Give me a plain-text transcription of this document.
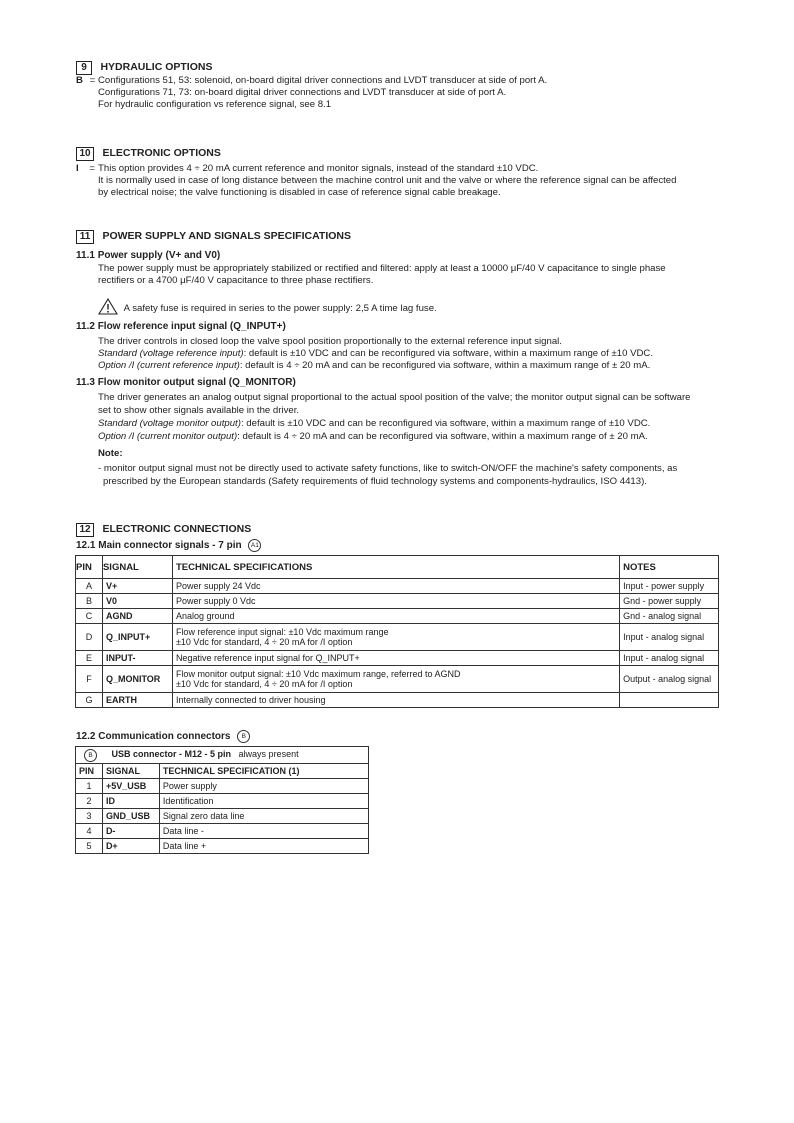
9 HYDRAULIC OPTIONS
B = Configurations 51, 53: solenoid, on-board digital driver connections and LVDT transducer at side of port A.
Configurations 71, 73: on-board digital driver connections and LVDT transducer at side of port A.
For hydraulic configuration vs reference signal, see 8.1
10 ELECTRONIC OPTIONS
I = This option provides 4 ÷ 20 mA current reference and monitor signals, instead of the standard ±10 VDC.
It is normally used in case of long distance between the machine control unit and the valve or where the reference signal can be affected
by electrical noise; the valve functioning is disabled in case of reference signal cable breakage.
11 POWER SUPPLY AND SIGNALS SPECIFICATIONS
11.1 Power supply (V+ and V0)
The power supply must be appropriately stabilized or rectified and filtered: apply at least a 10000 μF/40 V capacitance to single phase
rectifiers or a 4700 μF/40 V capacitance to three phase rectifiers.
A safety fuse is required in series to the power supply: 2,5 A time lag fuse.
11.2 Flow reference input signal (Q_INPUT+)
The driver controls in closed loop the valve spool position proportionally to the external reference input signal.
Standard (voltage reference input): default is ±10 VDC and can be reconfigured via software, within a maximum range of ±10 VDC.
Option /I (current reference input): default is 4 ÷ 20 mA and can be reconfigured via software, within a maximum range of ± 20 mA.
11.3 Flow monitor output signal (Q_MONITOR)
The driver generates an analog output signal proportional to the actual spool position of the valve; the monitor output signal can be software
set to show other signals available in the driver.
Standard (voltage monitor output): default is ±10 VDC and can be reconfigured via software, within a maximum range of ±10 VDC.
Option /I (current monitor output): default is 4 ÷ 20 mA and can be reconfigured via software, within a maximum range of ± 20 mA.
Note:
- monitor output signal must not be directly used to activate safety functions, like to switch-ON/OFF the machine's safety components, as
prescribed by the European standards (Safety requirements of fluid technology systems and components-hydraulics, ISO 4413).
12 ELECTRONIC CONNECTIONS
12.1 Main connector signals - 7 pin A1
PIN	SIGNAL	TECHNICAL SPECIFICATIONS	NOTES
A	V+	Power supply 24 Vdc	Input - power supply
B	V0	Power supply 0 Vdc	Gnd - power supply
C	AGND	Analog ground	Gnd - analog signal
D	Q_INPUT+	Flow reference input signal: ±10 Vdc maximum range
±10 Vdc for standard, 4 ÷ 20 mA for /I option	Input - analog signal
E	INPUT-	Negative reference input signal for Q_INPUT+	Input - analog signal
F	Q_MONITOR	Flow monitor output signal: ±10 Vdc maximum range, referred to AGND
±10 Vdc for standard, 4 ÷ 20 mA for /I option	Output - analog signal
G	EARTH	Internally connected to driver housing	
12.2 Communication connectors B
B USB connector - M12 - 5 pin always present		
PIN	SIGNAL	TECHNICAL SPECIFICATION (1)
1	+5V_USB	Power supply
2	ID	Identification
3	GND_USB	Signal zero data line
4	D-	Data line -
5	D+	Data line +
